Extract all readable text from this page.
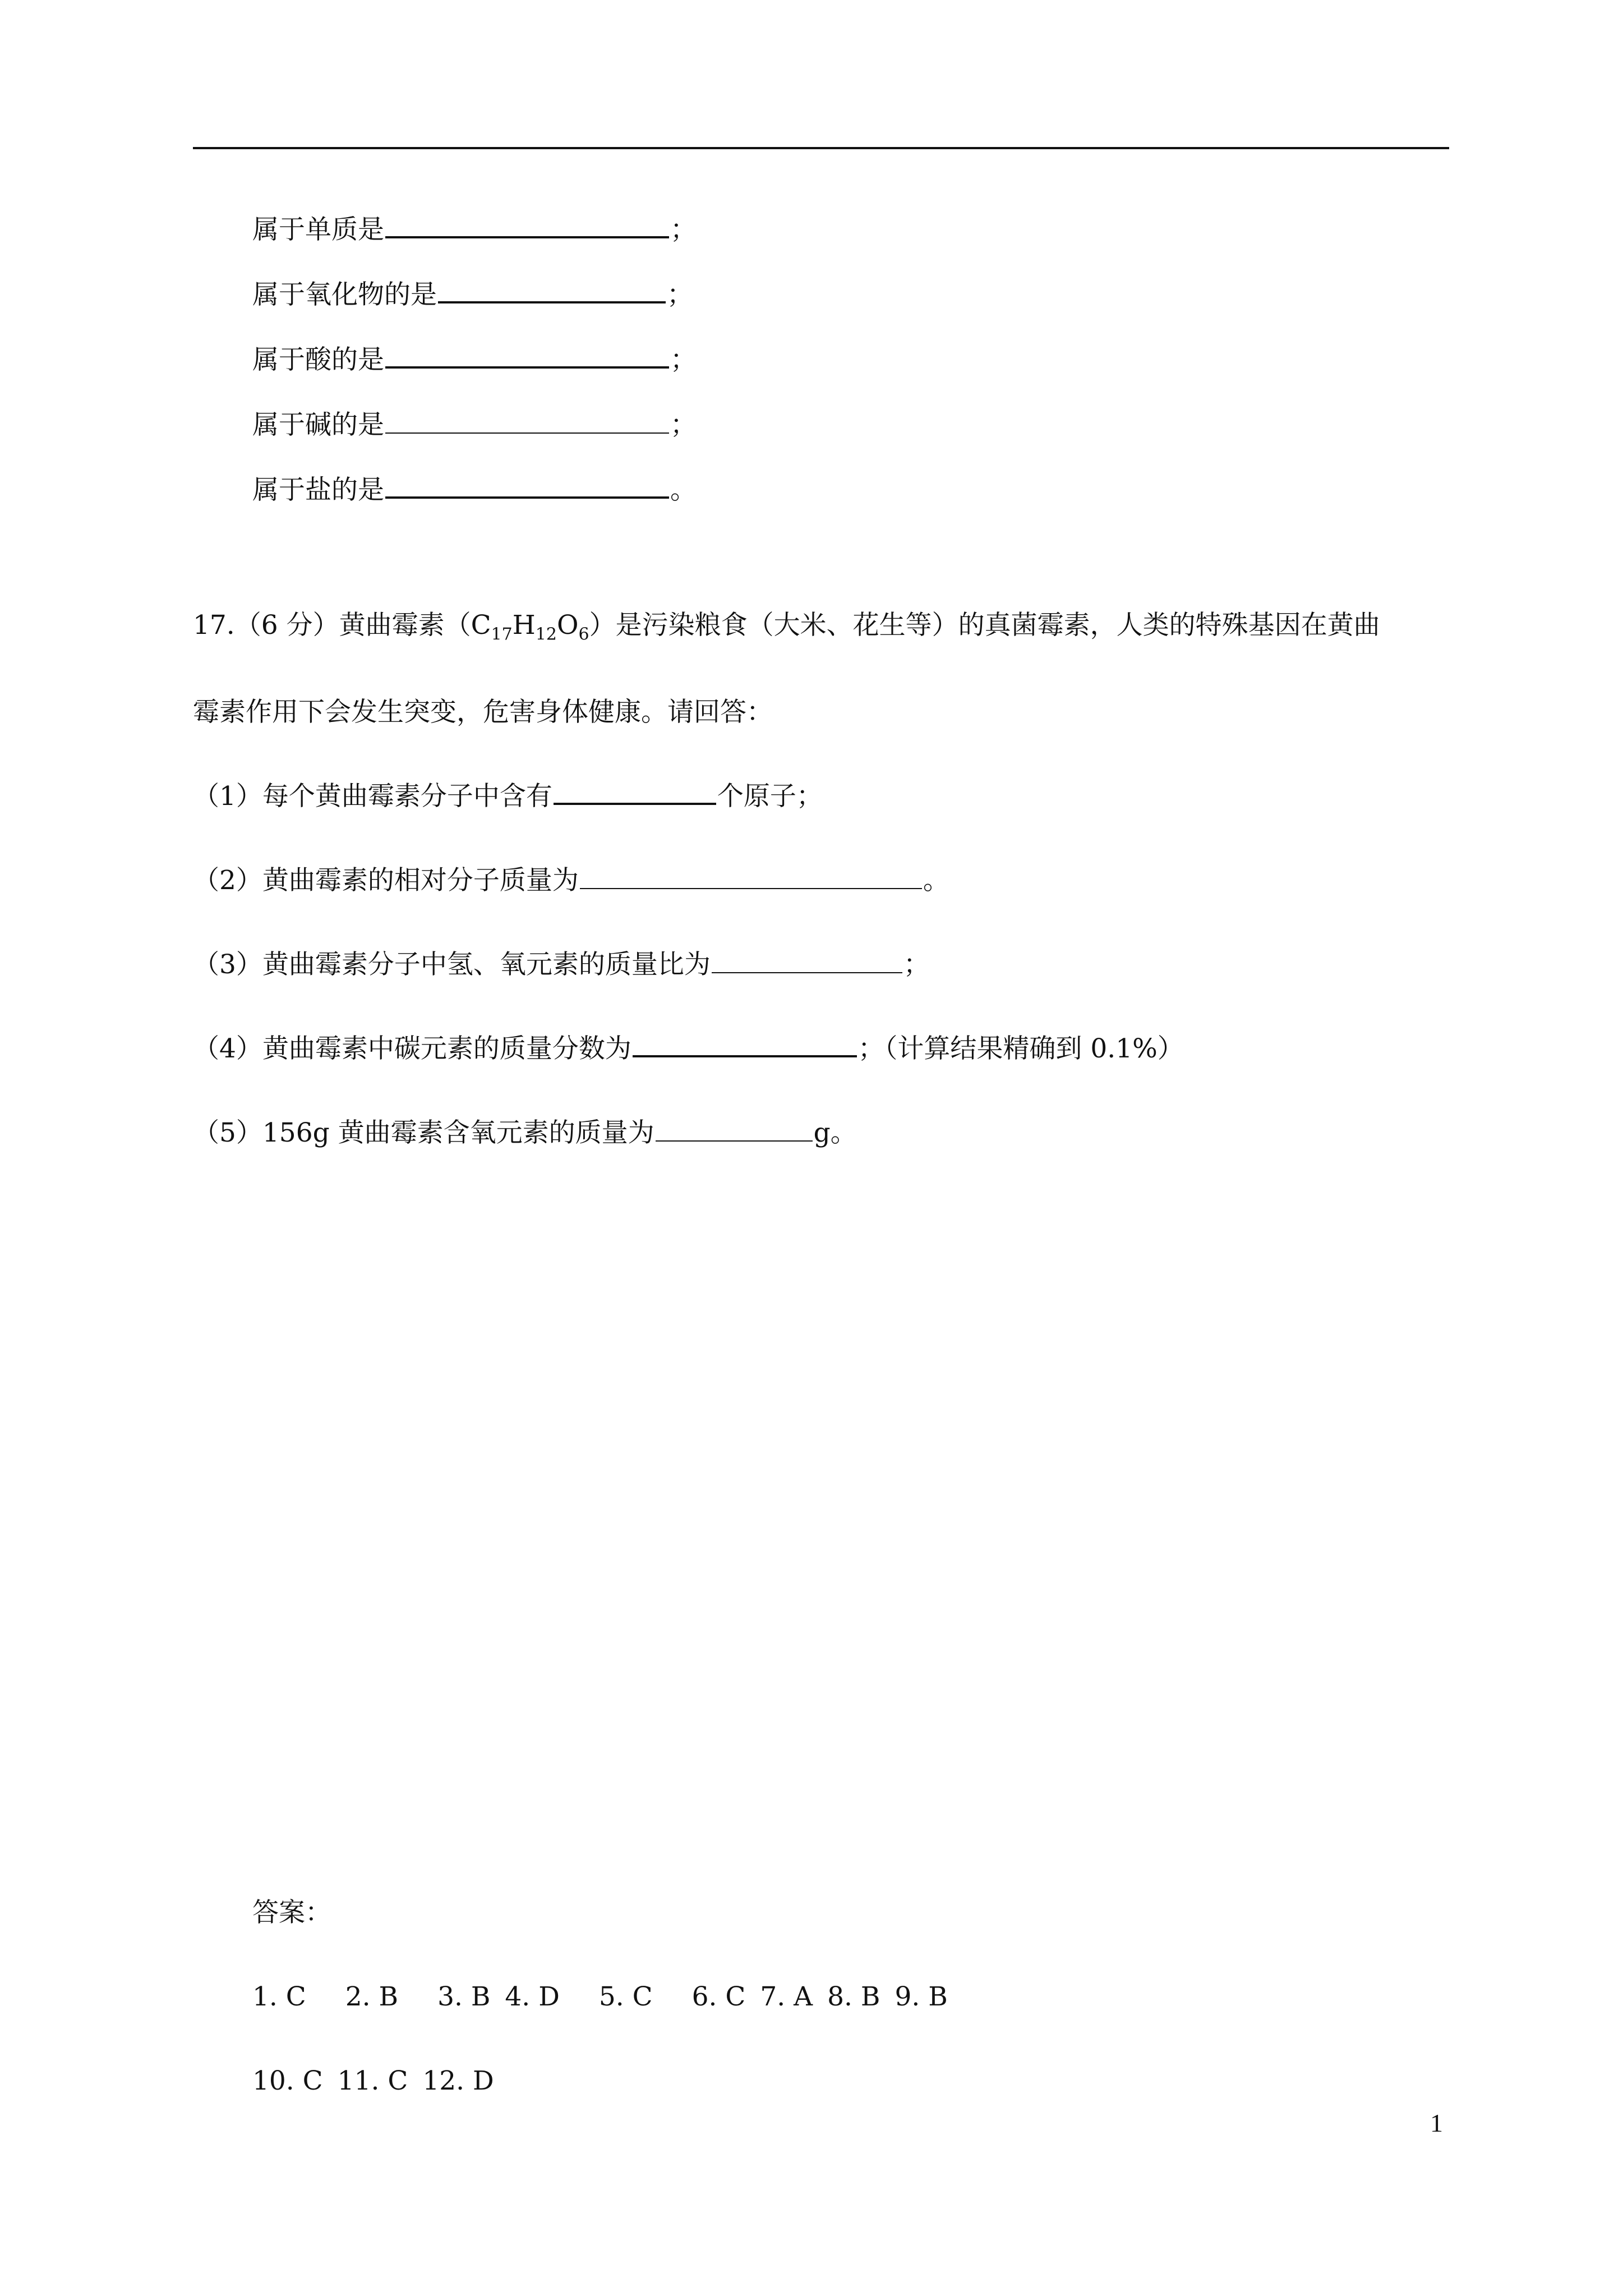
属于单质是	；
属于氧化物的是	；
属于酸的是	；
属于碱的是	；
属于盐的是	。
17.（6 分）黄曲霉素$(C_{17}H_{12}O_6)$是污染粮食（大米、花生等）的真菌霉素，人类的特殊基因在黄曲
霉素作用下会发生突变，危害身体健康。请回答：
（1）每个黄曲霉素分子中含有	个原子；
（2）黄曲霉素的相对分子质量为	。
（3）黄曲霉素分子中氢、氧元素的质量比为	；
（4）黄曲霉素中碳元素的质量分数为	；（计算结果精确到 0.1%）
（5）156g 黄曲霉素含氧元素的质量为	g。
答案：
1. C 2. B 3. B 4. D 5. C 6. C 7. A 8. B 9. B
10. C 11. C 12. D
1
